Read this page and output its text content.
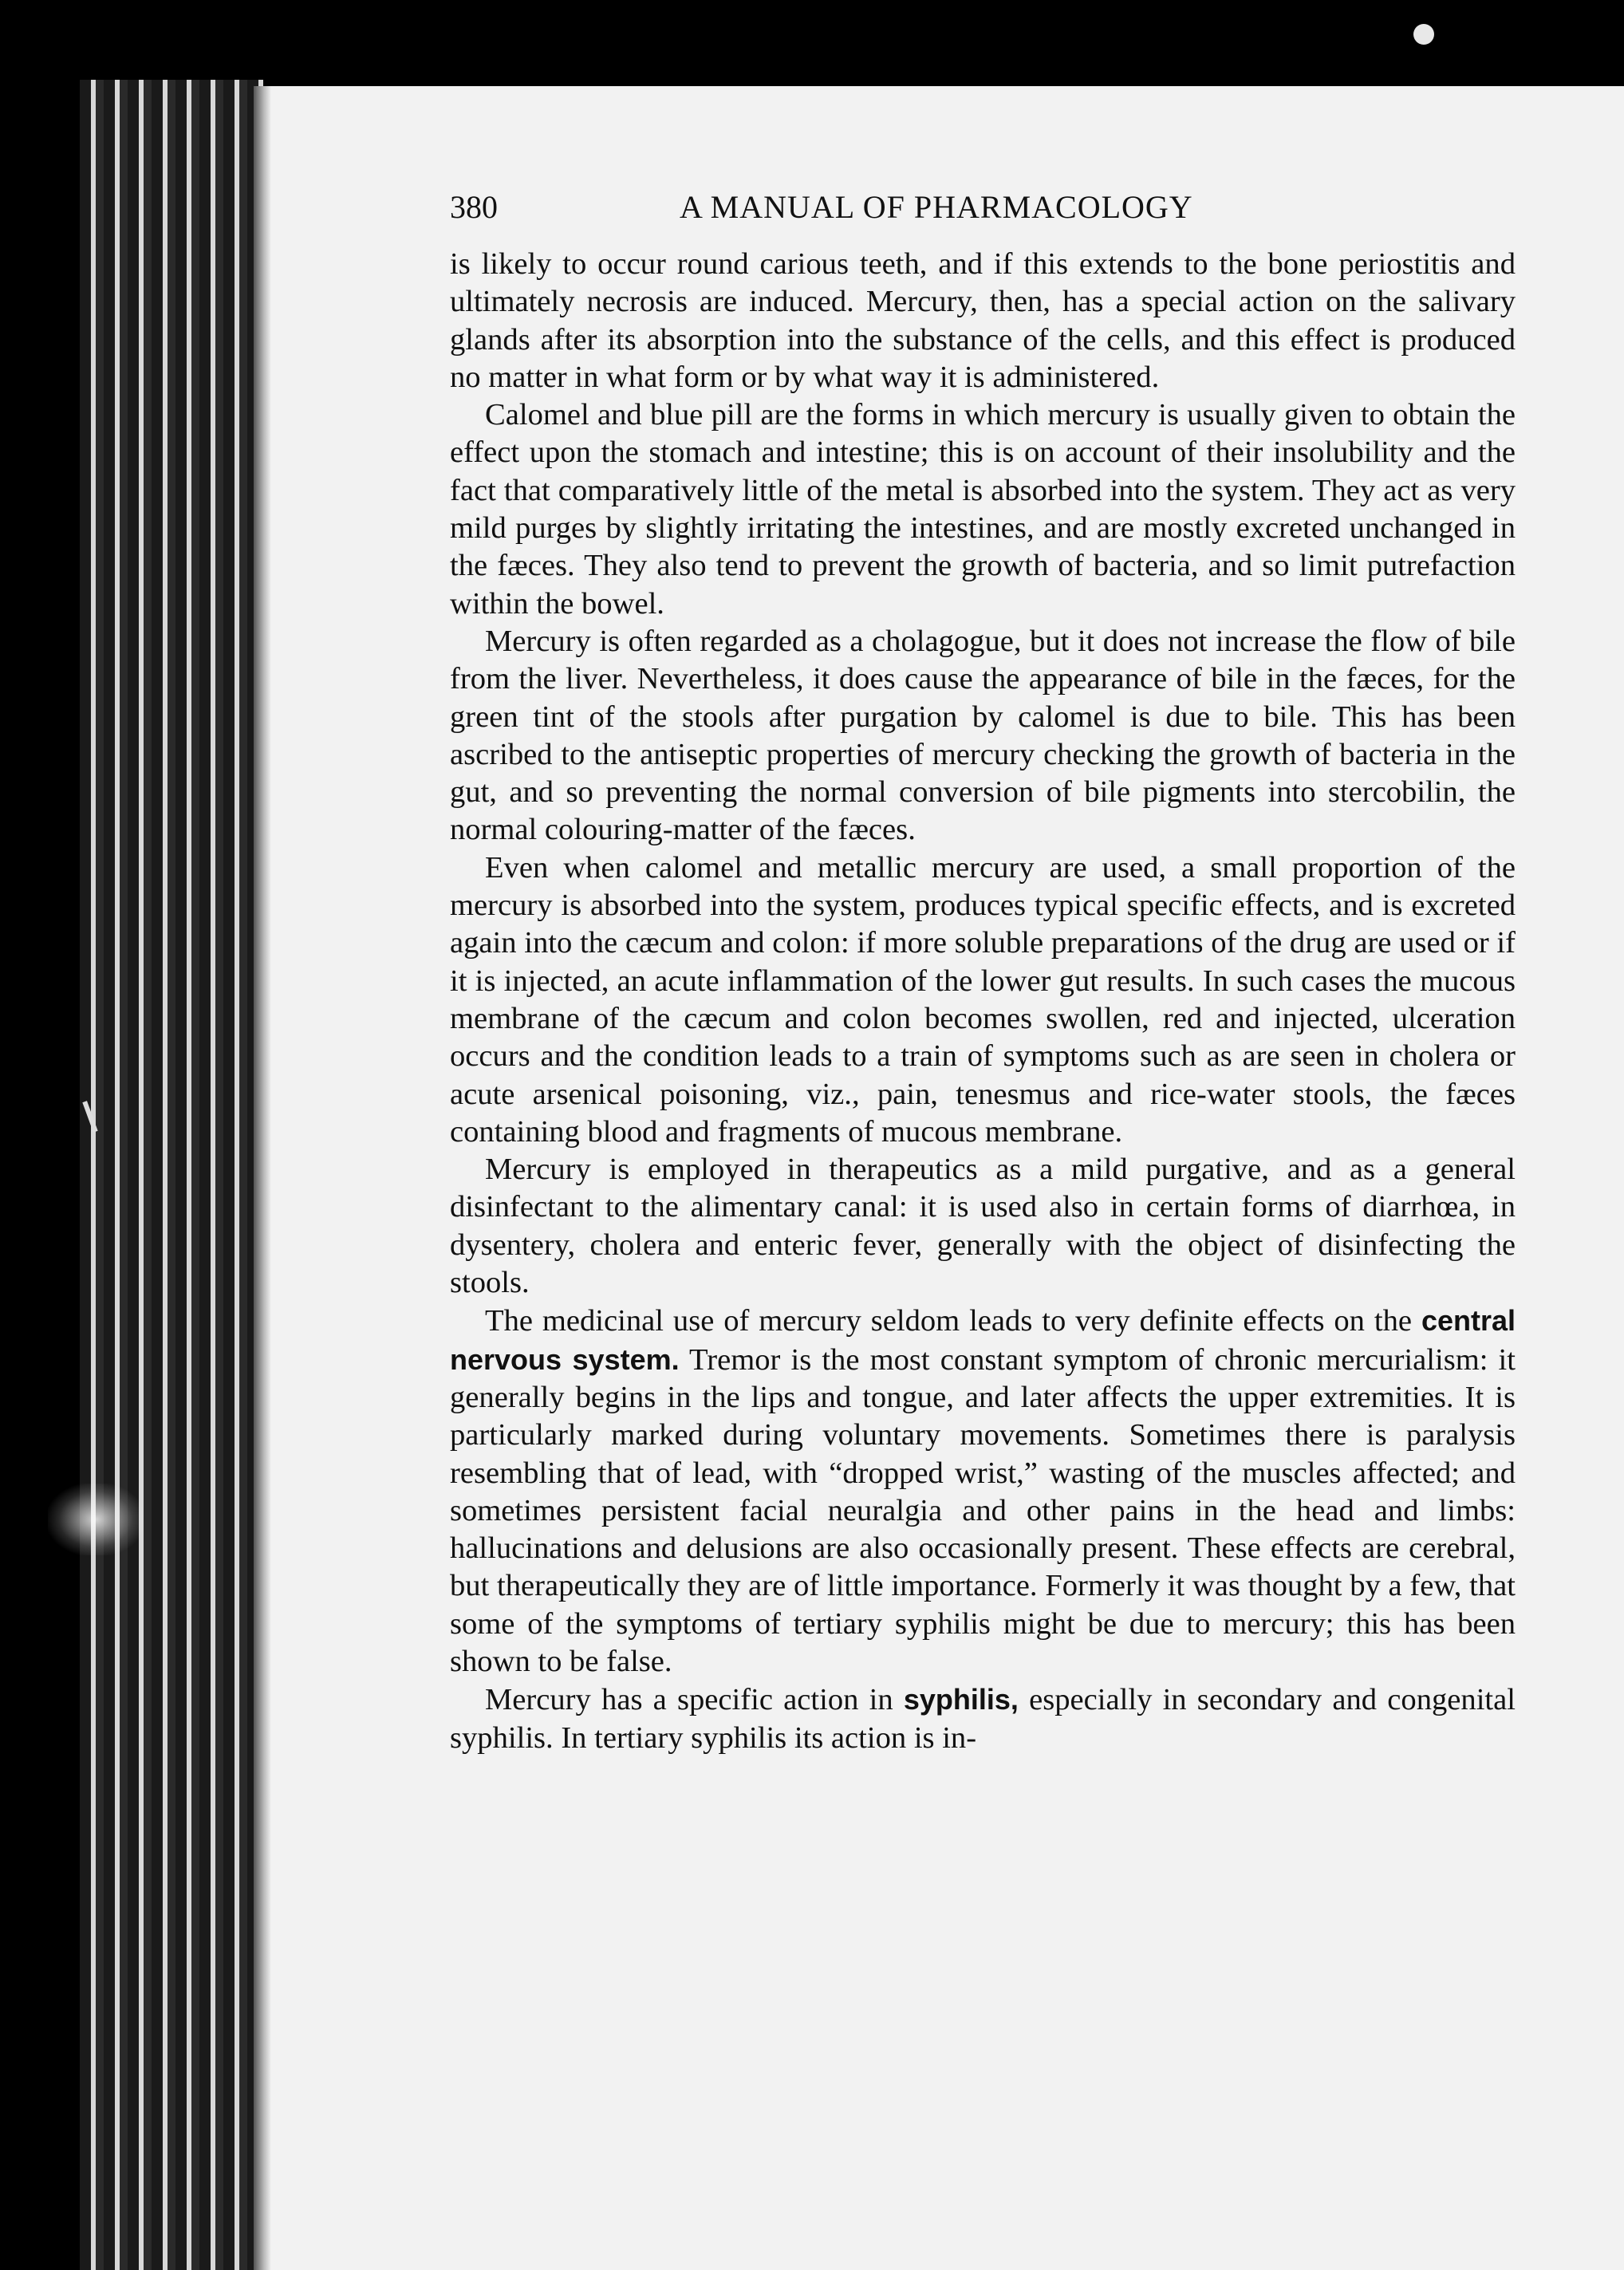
380	A MANUAL OF PHARMACOLOGY

is likely to occur round carious teeth, and if this extends to the bone periostitis and ultimately necrosis are induced. Mercury, then, has a special action on the salivary glands after its absorption into the substance of the cells, and this effect is produced no matter in what form or by what way it is administered.

Calomel and blue pill are the forms in which mercury is usually given to obtain the effect upon the stomach and intestine; this is on account of their insolubility and the fact that comparatively little of the metal is absorbed into the system. They act as very mild purges by slightly irritating the intestines, and are mostly excreted unchanged in the fæces. They also tend to prevent the growth of bacteria, and so limit putrefaction within the bowel.

Mercury is often regarded as a cholagogue, but it does not increase the flow of bile from the liver. Nevertheless, it does cause the appearance of bile in the fæces, for the green tint of the stools after purgation by calomel is due to bile. This has been ascribed to the antiseptic properties of mercury checking the growth of bacteria in the gut, and so preventing the normal conversion of bile pigments into stercobilin, the normal colouring-matter of the fæces.

Even when calomel and metallic mercury are used, a small proportion of the mercury is absorbed into the system, produces typical specific effects, and is excreted again into the cæcum and colon: if more soluble preparations of the drug are used or if it is injected, an acute inflammation of the lower gut results. In such cases the mucous membrane of the cæcum and colon becomes swollen, red and injected, ulceration occurs and the condition leads to a train of symptoms such as are seen in cholera or acute arsenical poisoning, viz., pain, tenesmus and rice-water stools, the fæces containing blood and fragments of mucous membrane.

Mercury is employed in therapeutics as a mild purgative, and as a general disinfectant to the alimentary canal: it is used also in certain forms of diarrhœa, in dysentery, cholera and enteric fever, generally with the object of disinfecting the stools.

The medicinal use of mercury seldom leads to very definite effects on the central nervous system. Tremor is the most constant symptom of chronic mercurialism: it generally begins in the lips and tongue, and later affects the upper extremities. It is particularly marked during voluntary movements. Sometimes there is paralysis resembling that of lead, with “dropped wrist,” wasting of the muscles affected; and sometimes persistent facial neuralgia and other pains in the head and limbs: hallucinations and delusions are also occasionally present. These effects are cerebral, but therapeutically they are of little importance. Formerly it was thought by a few, that some of the symptoms of tertiary syphilis might be due to mercury; this has been shown to be false.

Mercury has a specific action in syphilis, especially in secondary and congenital syphilis. In tertiary syphilis its action is in-
